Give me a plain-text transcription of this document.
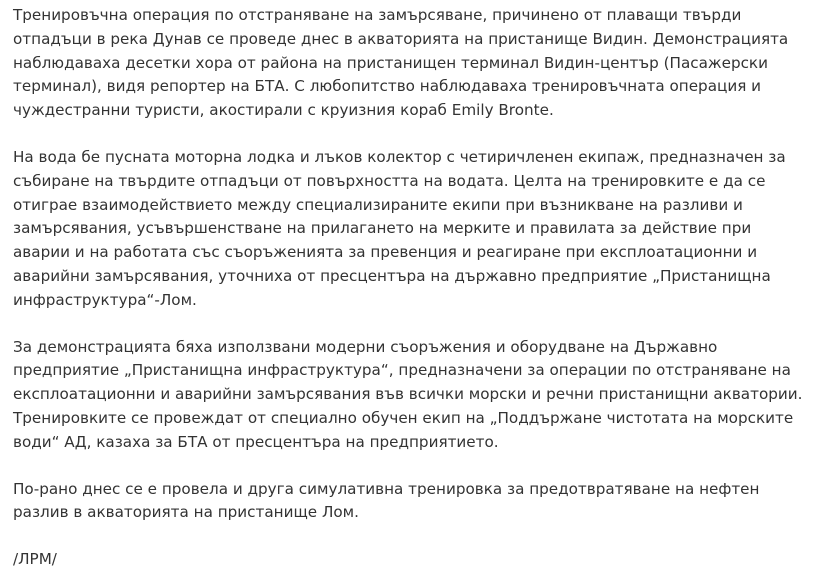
Тренировъчна операция по отстраняване на замърсяване, причинено от плаващи твърди отпадъци в река Дунав се проведе днес в акваторията на пристанище Видин. Демонстрацията наблюдаваха десетки хора от района на пристанищен терминал Видин-център (Пасажерски терминал), видя репортер на БТА. С любопитство наблюдаваха тренировъчната операция и чуждестранни туристи, акостирали с круизния кораб Emily Bronte.

На вода бе пусната моторна лодка и лъков колектор с четиричленен екипаж, предназначен за събиране на твърдите отпадъци от повърхността на водата. Целта на тренировките е да се отиграе взаимодействието между специализираните екипи при възникване на разливи и замърсявания, усъвършенстване на прилагането на мерките и правилата за действие при аварии и на работата със съоръженията за превенция и реагиране при експлоатационни и аварийни замърсявания, уточниха от пресцентъра на държавно предприятие „Пристанищна инфраструктура“-Лом.

За демонстрацията бяха използвани модерни съоръжения и оборудване на Държавно предприятие „Пристанищна инфраструктура“, предназначени за операции по отстраняване на експлоатационни и аварийни замърсявания във всички морски и речни пристанищни акватории. Тренировките се провеждат от специално обучен екип на „Поддържане чистотата на морските води“ АД, казаха за БТА от пресцентъра на предприятието.

По-рано днес се е провела и друга симулативна тренировка за предотвратяване на нефтен разлив в акваторията на пристанище Лом.

/ЛРМ/
